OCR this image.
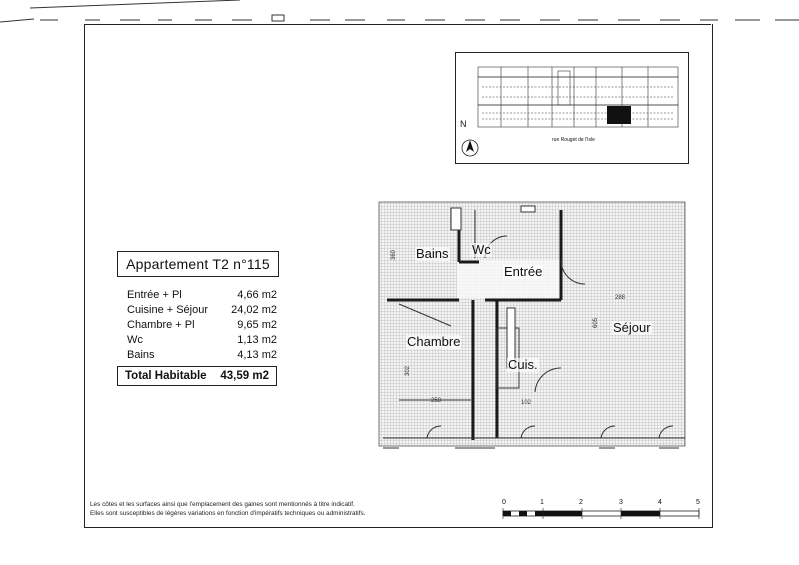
N
rue Rouget de l'Isle
Appartement T2 n°115
Entrée + Pl	4,66 m2
Cuisine + Séjour 24,02 m2
Chambre + Pl	9,65 m2
Wc	1,13 m2
Bains	4,13 m2
Total Habitable 43,59 m2
Bains Wc
Entrée
Chambre
Cuis.
Séjour
288
605
258
302
102
360
Les côtes et les surfaces ainsi que l'emplacement des gaines sont mentionnés à titre indicatif.
Elles sont susceptibles de légères variations en fonction d'impératifs techniques ou administratifs.
0	1	2	3	4	5
